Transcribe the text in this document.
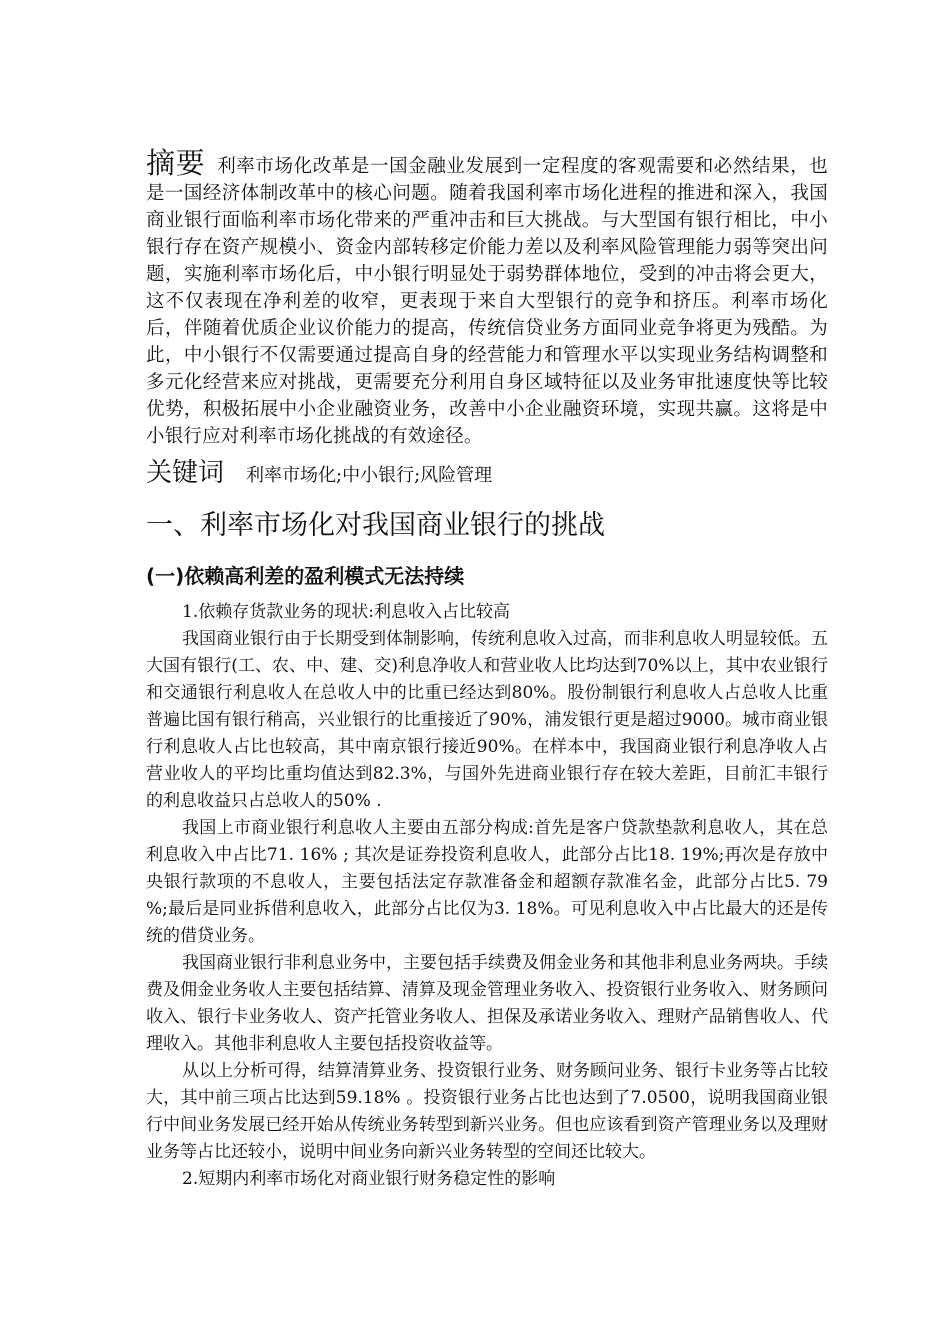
摘要 利率市场化改革是一国金融业发展到一定程度的客观需要和必然结果，也是一国经济体制改革中的核心问题。随着我国利率市场化进程的推进和深入，我国商业银行面临利率市场化带来的严重冲击和巨大挑战。与大型国有银行相比，中小银行存在资产规模小、资金内部转移定价能力差以及利率风险管理能力弱等突出问题，实施利率市场化后，中小银行明显处于弱势群体地位，受到的冲击将会更大，这不仅表现在净利差的收窄，更表现于来自大型银行的竞争和挤压。利率市场化后，伴随着优质企业议价能力的提高，传统信贷业务方面同业竞争将更为残酷。为此，中小银行不仅需要通过提高自身的经营能力和管理水平以实现业务结构调整和多元化经营来应对挑战，更需要充分利用自身区域特征以及业务审批速度快等比较优势，积极拓展中小企业融资业务，改善中小企业融资环境，实现共赢。这将是中小银行应对利率市场化挑战的有效途径。

关键词 利率市场化;中小银行;风险管理

一、利率市场化对我国商业银行的挑战
(一)依赖高利差的盈利模式无法持续

1.依赖存货款业务的现状:利息收入占比较高

我国商业银行由于长期受到体制影响，传统利息收入过高，而非利息收人明显较低。五大国有银行(工、农、中、建、交)利息净收人和营业收人比均达到70%以上，其中农业银行和交通银行利息收人在总收人中的比重已经达到80%。股份制银行利息收人占总收人比重普遍比国有银行稍高，兴业银行的比重接近了90%，浦发银行更是超过9000。城市商业银行利息收人占比也较高，其中南京银行接近90%。在样本中，我国商业银行利息净收人占营业收人的平均比重均值达到82.3%，与国外先进商业银行存在较大差距，目前汇丰银行的利息收益只占总收人的50% .

我国上市商业银行利息收人主要由五部分构成:首先是客户贷款垫款利息收人，其在总利息收入中占比71. 16% ; 其次是证券投资利息收人，此部分占比18. 19%;再次是存放中央银行款项的不息收人，主要包括法定存款准备金和超额存款准名金，此部分占比5. 79 %;最后是同业拆借利息收入，此部分占比仅为3. 18%。可见利息收入中占比最大的还是传统的借贷业务。

我国商业银行非利息业务中，主要包括手续费及佣金业务和其他非利息业务两块。手续费及佣金业务收人主要包括结算、清算及现金管理业务收入、投资银行业务收入、财务顾问收入、银行卡业务收人、资产托管业务收人、担保及承诺业务收入、理财产品销售收人、代理收入。其他非利息收人主要包括投资收益等。

从以上分析可得，结算清算业务、投资银行业务、财务顾问业务、银行卡业务等占比较大，其中前三项占比达到59.18% 。投资银行业务占比也达到了7.0500，说明我国商业银行中间业务发展已经开始从传统业务转型到新兴业务。但也应该看到资产管理业务以及理财业务等占比还较小，说明中间业务向新兴业务转型的空间还比较大。

2.短期内利率市场化对商业银行财务稳定性的影响
